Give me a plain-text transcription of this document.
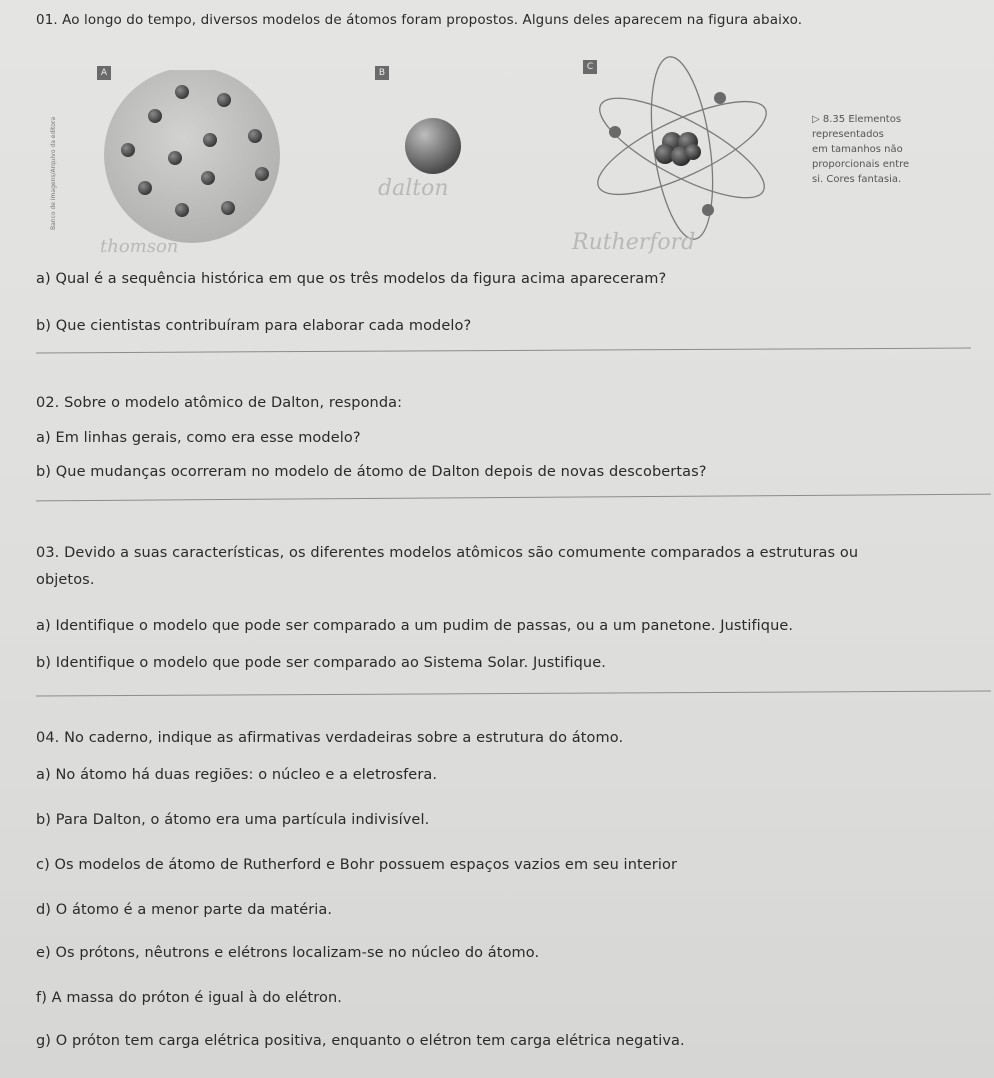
01. Ao longo do tempo, diversos modelos de átomos foram propostos. Alguns deles aparecem na figura abaixo.
Banco de imagens/Arquivo da editora
A	B
C
thomson
dalton
Rutherford
▷ 8.35 Elementos
representados
em tamanhos não
proporcionais entre
si. Cores fantasia.
a) Qual é a sequência histórica em que os três modelos da figura acima apareceram?
b) Que cientistas contribuíram para elaborar cada modelo?
02. Sobre o modelo atômico de Dalton, responda:
a) Em linhas gerais, como era esse modelo?
b) Que mudanças ocorreram no modelo de átomo de Dalton depois de novas descobertas?
03. Devido a suas características, os diferentes modelos atômicos são comumente comparados a estruturas ou
objetos.
a) Identifique o modelo que pode ser comparado a um pudim de passas, ou a um panetone. Justifique.
b) Identifique o modelo que pode ser comparado ao Sistema Solar. Justifique.
04. No caderno, indique as afirmativas verdadeiras sobre a estrutura do átomo.
a) No átomo há duas regiões: o núcleo e a eletrosfera.
b) Para Dalton, o átomo era uma partícula indivisível.
c) Os modelos de átomo de Rutherford e Bohr possuem espaços vazios em seu interior
d) O átomo é a menor parte da matéria.
e) Os prótons, nêutrons e elétrons localizam-se no núcleo do átomo.
f) A massa do próton é igual à do elétron.
g) O próton tem carga elétrica positiva, enquanto o elétron tem carga elétrica negativa.
